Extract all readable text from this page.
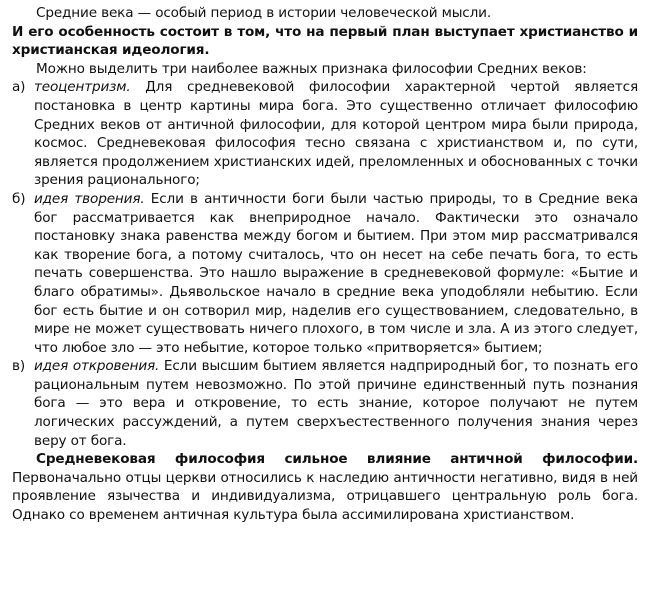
Средние века — особый период в истории человеческой мысли.
И его особенность состоит в том, что на первый план выступает христианство и христианская идеология.

Можно выделить три наиболее важных признака философии Средних веков:

а) теоцентризм. Для средневековой философии характерной чертой является постановка в центр картины мира бога. Это существенно отличает философию Средних веков от античной философии, для которой центром мира были природа, космос. Средневековая философия тесно связана с христианством и, по сути, является продолжением христианских идей, преломленных и обоснованных с точки зрения рационального;

б) идея творения. Если в античности боги были частью природы, то в Средние века бог рассматривается как внеприродное начало. Фактически это означало постановку знака равенства между богом и бытием. При этом мир рассматривался как творение бога, а потому считалось, что он несет на себе печать бога, то есть печать совершенства. Это нашло выражение в средневековой формуле: «Бытие и благо обратимы». Дьявольское начало в средние века уподобляли небытию. Если бог есть бытие и он сотворил мир, наделив его существованием, следовательно, в мире не может существовать ничего плохого, в том числе и зла. А из этого следует, что любое зло — это небытие, которое только «притворяется» бытием;

в) идея откровения. Если высшим бытием является надприродный бог, то познать его рациональным путем невозможно. По этой причине единственный путь познания бога — это вера и откровение, то есть знание, которое получают не путем логических рассуждений, а путем сверхъестественного получения знания через веру от бога.

Средневековая философия сильное влияние античной философии. Первоначально отцы церкви относились к наследию античности негативно, видя в ней проявление язычества и индивидуализма, отрицавшего центральную роль бога. Однако со временем античная культура была ассимилирована христианством.
